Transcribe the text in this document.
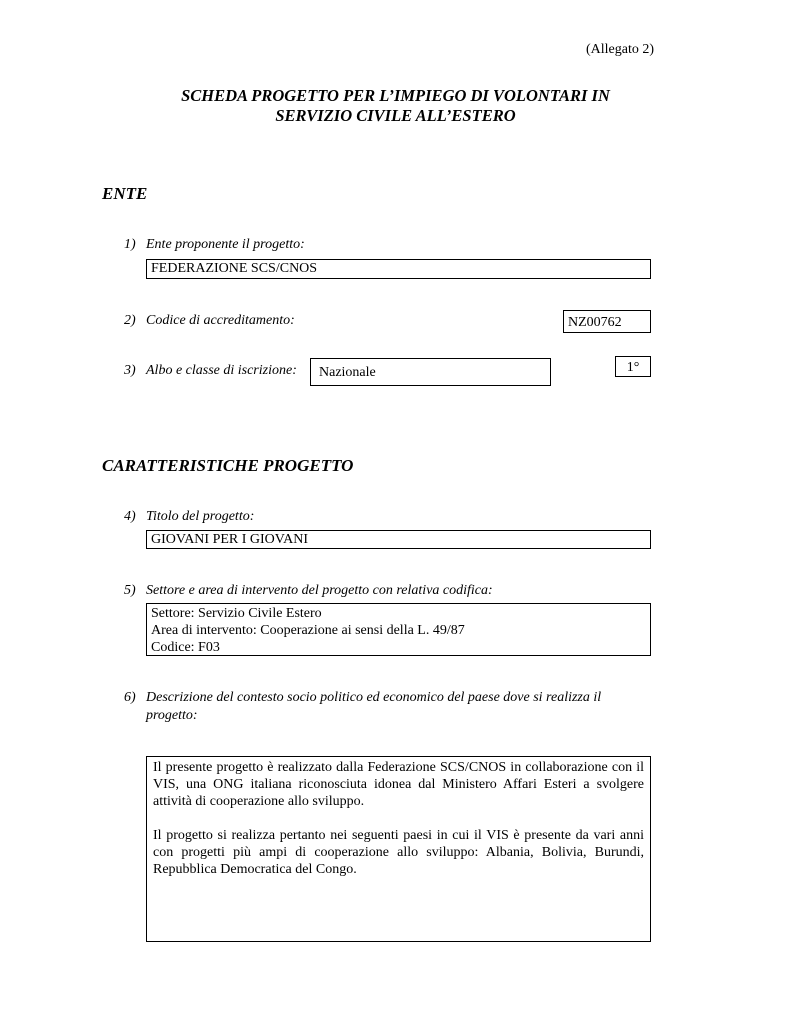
(Allegato 2)
SCHEDA PROGETTO PER L’IMPIEGO DI VOLONTARI IN
SERVIZIO CIVILE ALL’ESTERO
ENTE
1) Ente proponente il progetto:
FEDERAZIONE SCS/CNOS
2) Codice di accreditamento:	NZ00762
3) Albo e classe di iscrizione:	Nazionale	1°
CARATTERISTICHE PROGETTO
4) Titolo del progetto:
GIOVANI PER I GIOVANI
5) Settore e area di intervento del progetto con relativa codifica:
Settore: Servizio Civile Estero
Area di intervento: Cooperazione ai sensi della L. 49/87
Codice: F03
6) Descrizione del contesto socio politico ed economico del paese dove si realizza il
progetto:

Il presente progetto è realizzato dalla Federazione SCS/CNOS in collaborazione con il VIS, una ONG italiana riconosciuta idonea dal Ministero Affari Esteri a svolgere attività di cooperazione allo sviluppo.

Il progetto si realizza pertanto nei seguenti paesi in cui il VIS è presente da vari anni con progetti più ampi di cooperazione allo sviluppo: Albania, Bolivia, Burundi, Repubblica Democratica del Congo.
